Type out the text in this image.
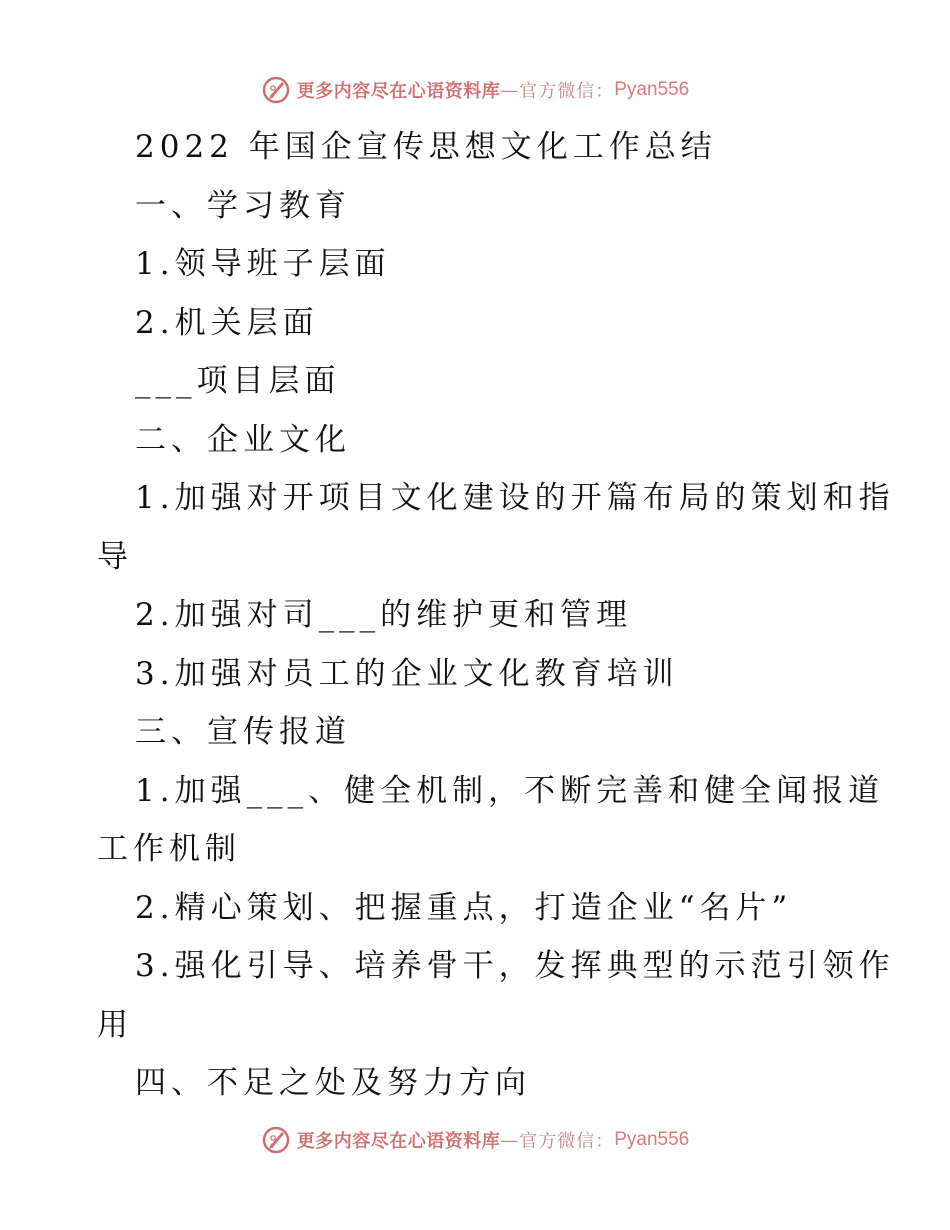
更多内容尽在心语资料库 — 官方微信： Pyan556
2022 年国企宣传思想文化工作总结
一、学习教育
1.领导班子层面
2.机关层面
___项目层面
二、企业文化
1.加强对开项目文化建设的开篇布局的策划和指
导
2.加强对司___的维护更和管理
3.加强对员工的企业文化教育培训
三、宣传报道
1.加强___、健全机制，不断完善和健全闻报道
工作机制
2.精心策划、把握重点，打造企业“名片”
3.强化引导、培养骨干，发挥典型的示范引领作
用
四、不足之处及努力方向
更多内容尽在心语资料库 — 官方微信： Pyan556
